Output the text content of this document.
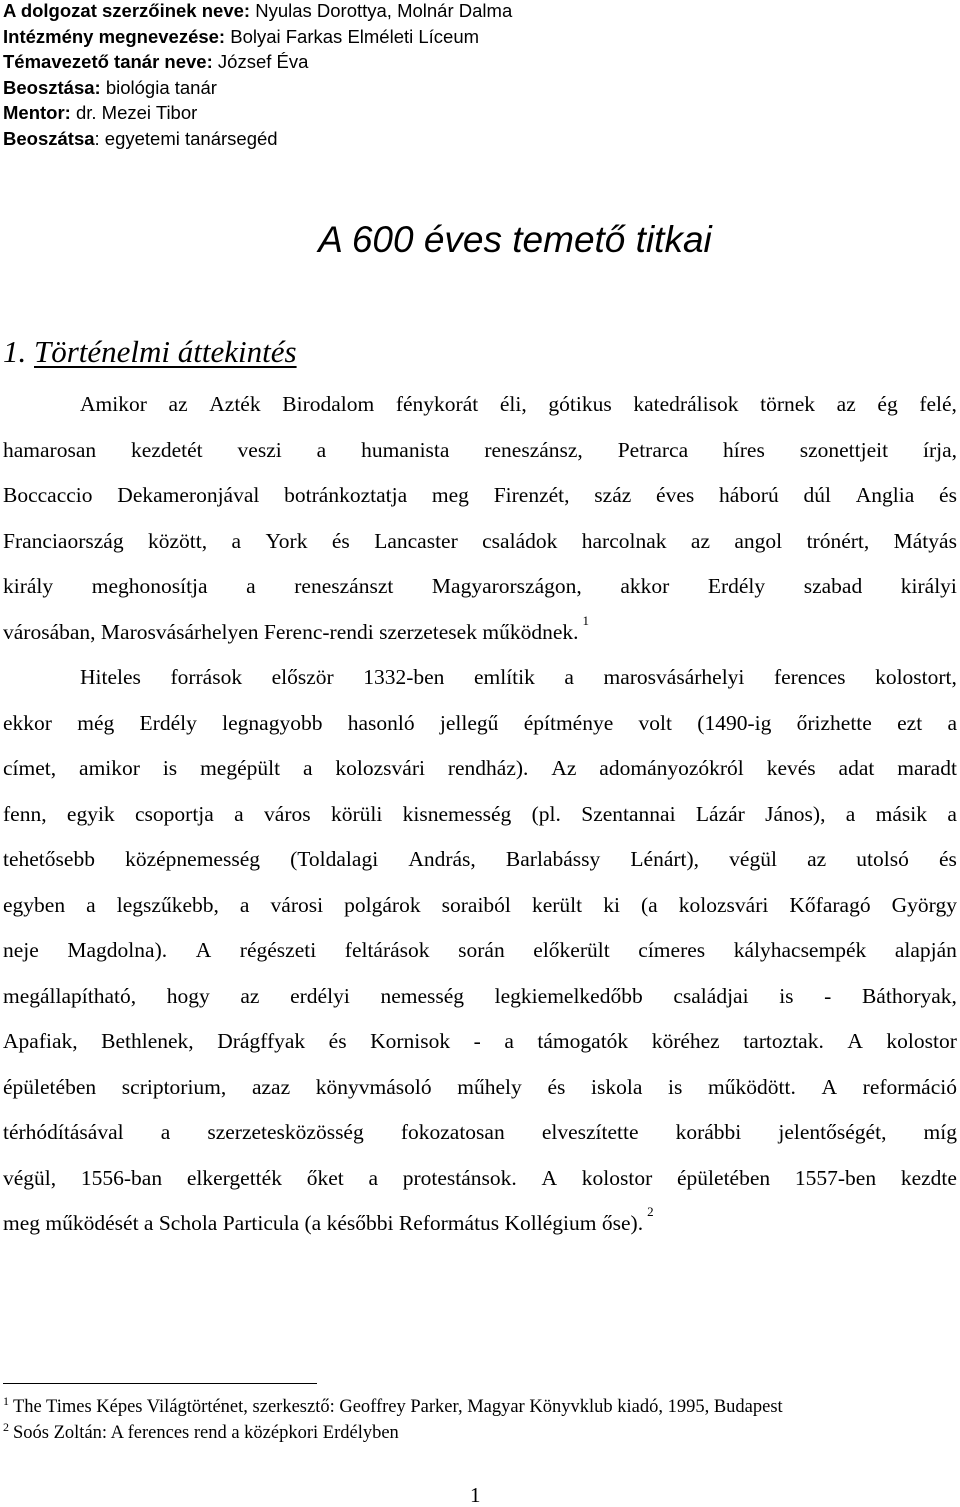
A dolgozat szerzőinek neve: Nyulas Dorottya, Molnár Dalma
Intézmény megnevezése: Bolyai Farkas Elméleti Líceum
Témavezető tanár neve: József Éva
Beosztása: biológia tanár
Mentor: dr. Mezei Tibor
Beoszátsa: egyetemi tanársegéd
A 600 éves temető titkai
1. Történelmi áttekintés
Amikor az Azték Birodalom fénykorát éli, gótikus katedrálisok törnek az ég felé,
hamarosan kezdetét veszi a humanista reneszánsz, Petrarca híres szonettjeit írja,
Boccaccio Dekameronjával botránkoztatja meg Firenzét, száz éves háború dúl Anglia és
Franciaország között, a York és Lancaster családok harcolnak az angol trónért, Mátyás
király meghonosítja a reneszánszt Magyarországon, akkor Erdély szabad királyi
városában, Marosvásárhelyen Ferenc-rendi szerzetesek működnek. $^1$
Hiteles források először 1332-ben említik a marosvásárhelyi ferences kolostort,
ekkor még Erdély legnagyobb hasonló jellegű építménye volt (1490-ig őrizhette ezt a
címet, amikor is megépült a kolozsvári rendház). Az adományozókról kevés adat maradt
fenn, egyik csoportja a város körüli kisnemesség (pl. Szentannai Lázár János), a másik a
tehetősebb középnemesség (Toldalagi András, Barlabássy Lénárt), végül az utolsó és
egyben a legszűkebb, a városi polgárok soraiból került ki (a kolozsvári Kőfaragó György
neje Magdolna). A régészeti feltárások során előkerült címeres kályhacsempék alapján
megállapítható, hogy az erdélyi nemesség legkiemelkedőbb családjai is - Báthoryak,
Apafiak, Bethlenek, Drágffyak és Kornisok - a támogatók köréhez tartoztak. A kolostor
épületében scriptorium, azaz könyvmásoló műhely és iskola is működött. A reformáció
térhódításával a szerzetesközösség fokozatosan elveszítette korábbi jelentőségét, míg
végül, 1556-ban elkergették őket a protestánsok. A kolostor épületében 1557-ben kezdte
meg működését a Schola Particula (a későbbi Református Kollégium őse). $^2$
$^1$ The Times Képes Világtörténet, szerkesztő: Geoffrey Parker, Magyar Könyvklub kiadó, 1995, Budapest
$^2$ Soós Zoltán: A ferences rend a középkori Erdélyben
1
